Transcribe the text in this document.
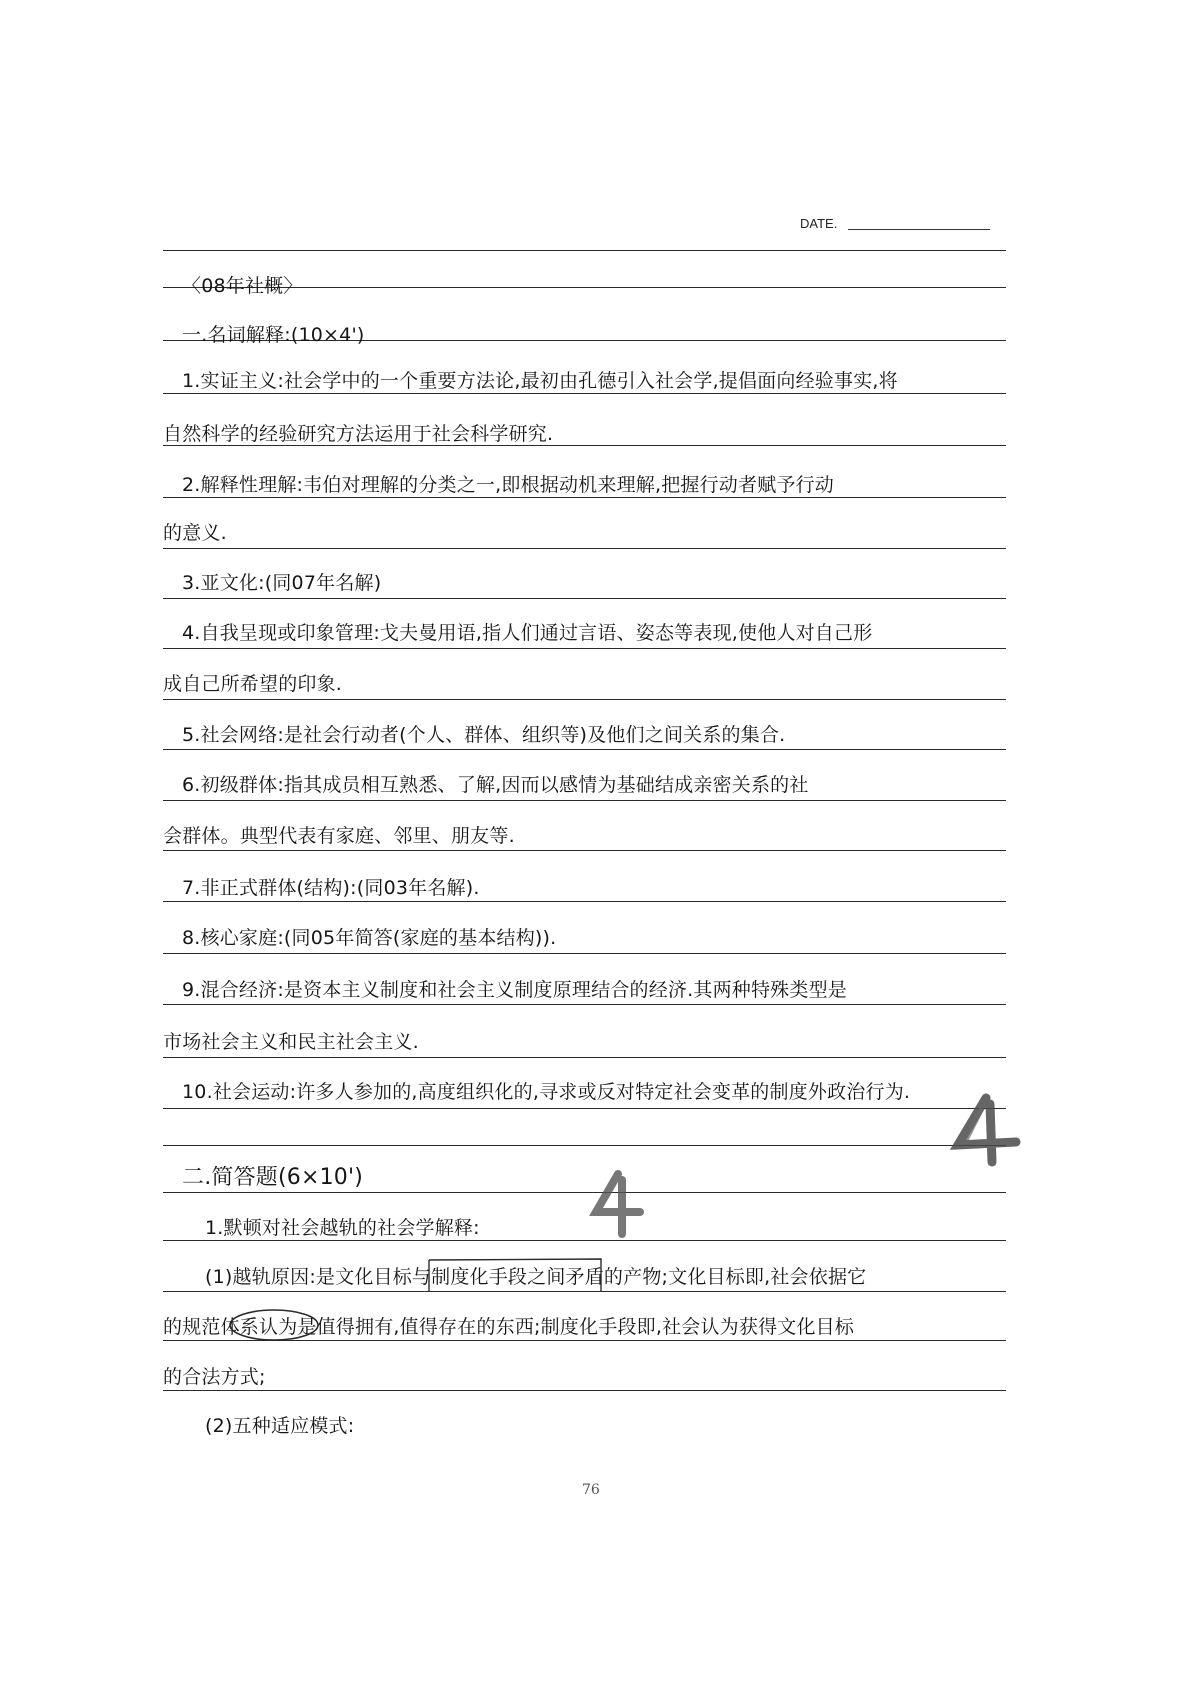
DATE.
〈08年社概〉
一.名词解释:(10×4')
1.实证主义:社会学中的一个重要方法论,最初由孔德引入社会学,提倡面向经验事实,将
自然科学的经验研究方法运用于社会科学研究.
2.解释性理解:韦伯对理解的分类之一,即根据动机来理解,把握行动者赋予行动
的意义.
3.亚文化:(同07年名解)
4.自我呈现或印象管理:戈夫曼用语,指人们通过言语、姿态等表现,使他人对自己形
成自己所希望的印象.
5.社会网络:是社会行动者(个人、群体、组织等)及他们之间关系的集合.
6.初级群体:指其成员相互熟悉、了解,因而以感情为基础结成亲密关系的社
会群体。典型代表有家庭、邻里、朋友等.
7.非正式群体(结构):(同03年名解).
8.核心家庭:(同05年简答(家庭的基本结构)).
9.混合经济:是资本主义制度和社会主义制度原理结合的经济.其两种特殊类型是
市场社会主义和民主社会主义.
10.社会运动:许多人参加的,高度组织化的,寻求或反对特定社会变革的制度外政治行为.
二.简答题(6×10')
1.默顿对社会越轨的社会学解释:
(1)越轨原因:是文化目标与制度化手段之间矛盾的产物;文化目标即,社会依据它
的规范体系认为是值得拥有,值得存在的东西;制度化手段即,社会认为获得文化目标
的合法方式;
(2)五种适应模式:
76
